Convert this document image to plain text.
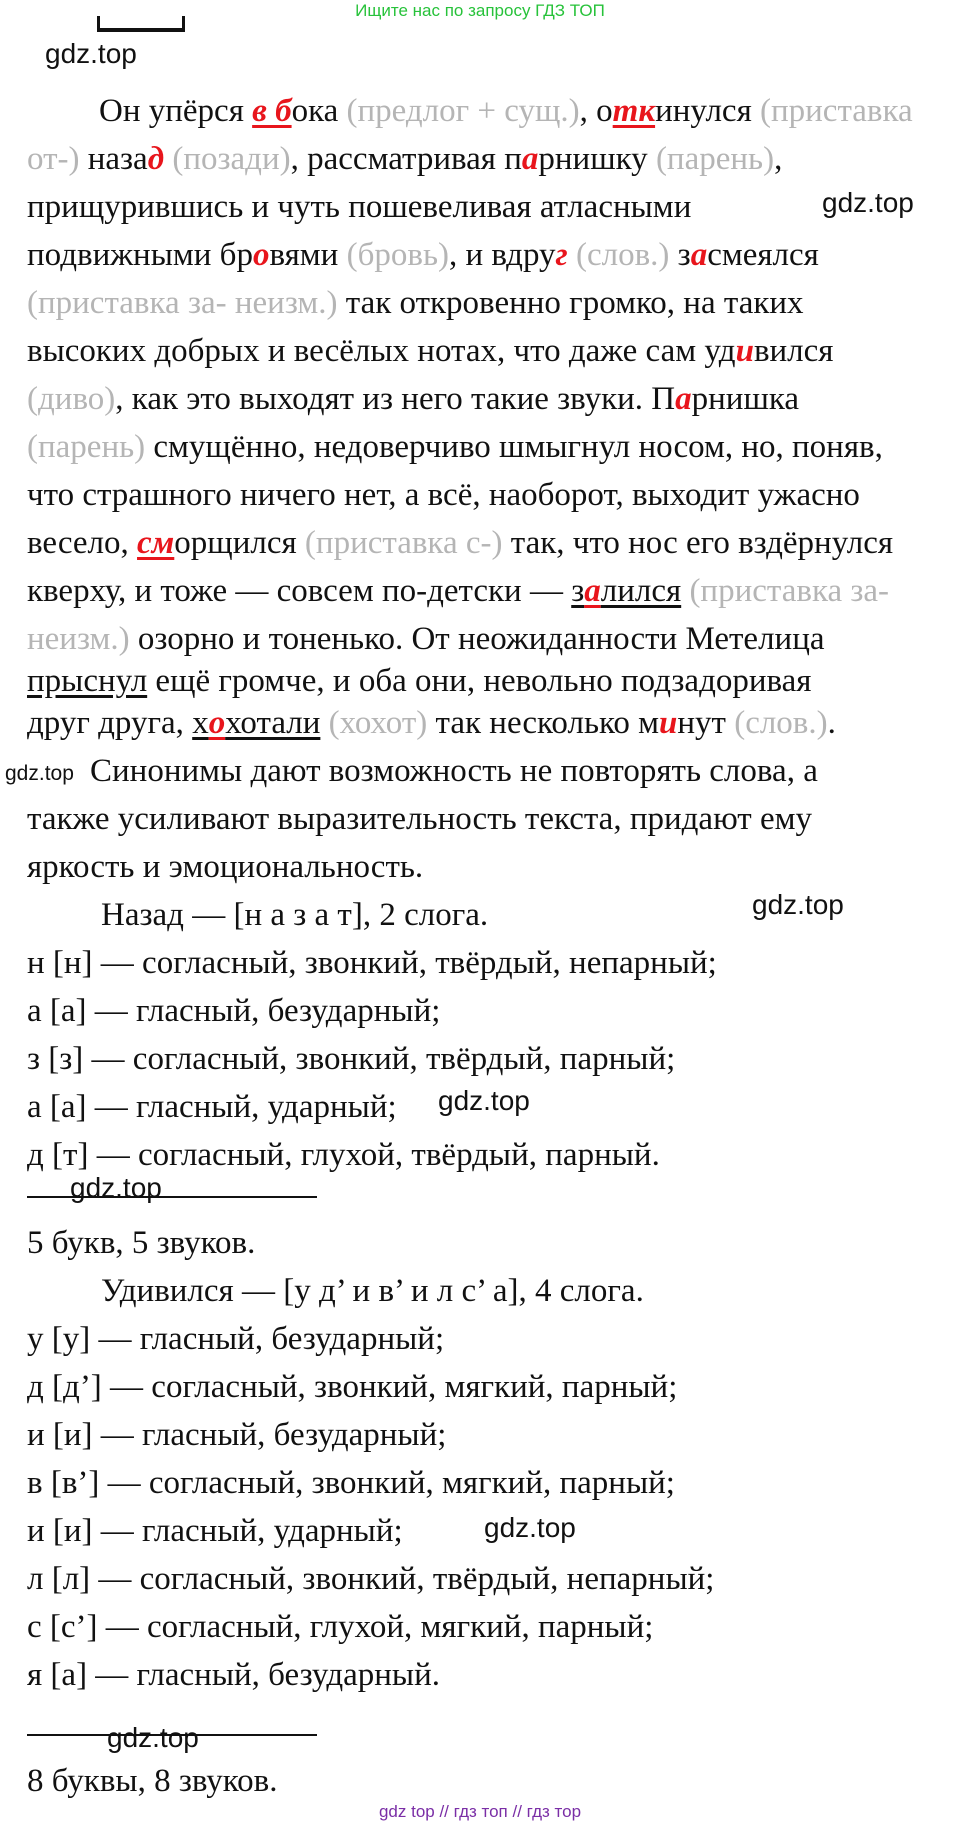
Ищите нас по запросу ГДЗ ТОП
gdz.top
Он упёрся в бока (предлог + сущ.), откинулся (приставка
от-) назад (позади), рассматривая парнишку (парень),
прищурившись и чуть пошевеливая атласными	gdz.top
подвижными бровями (бровь), и вдруг (слов.) засмеялся
(приставка за- неизм.) так откровенно громко, на таких
высоких добрых и весёлых нотах, что даже сам удивился
(диво), как это выходят из него такие звуки. Парнишка
(парень) смущённо, недоверчиво шмыгнул носом, но, поняв,
что страшного ничего нет, а всё, наоборот, выходит ужасно
весело, сморщился (приставка с-) так, что нос его вздёрнулся
кверху, и тоже — совсем по-детски — залился (приставка за-
неизм.) озорно и тоненько. От неожиданности Метелица
прыснул ещё громче, и оба они, невольно подзадоривая
друг друга, хохотали (хохот) так несколько минут (слов.).
gdz.top Синонимы дают возможность не повторять слова, а
также усиливают выразительность текста, придают ему
яркость и эмоциональность.
Назад — [н а з а т], 2 слога.	gdz.top
н [н] — согласный, звонкий, твёрдый, непарный;
а [а] — гласный, безударный;
з [з] — согласный, звонкий, твёрдый, парный;
а [а] — гласный, ударный; gdz.top
д [т] — согласный, глухой, твёрдый, парный.
gdz.top
5 букв, 5 звуков.
Удивился — [у д’ и в’ и л с’ а], 4 слога.
у [у] — гласный, безударный;
д [д’] — согласный, звонкий, мягкий, парный;
и [и] — гласный, безударный;
в [в’] — согласный, звонкий, мягкий, парный;
и [и] — гласный, ударный;	gdz.top
л [л] — согласный, звонкий, твёрдый, непарный;
с [с’] — согласный, глухой, мягкий, парный;
я [а] — гласный, безударный.
gdz.top
8 буквы, 8 звуков.
gdz top // гдз топ // гдз тор
